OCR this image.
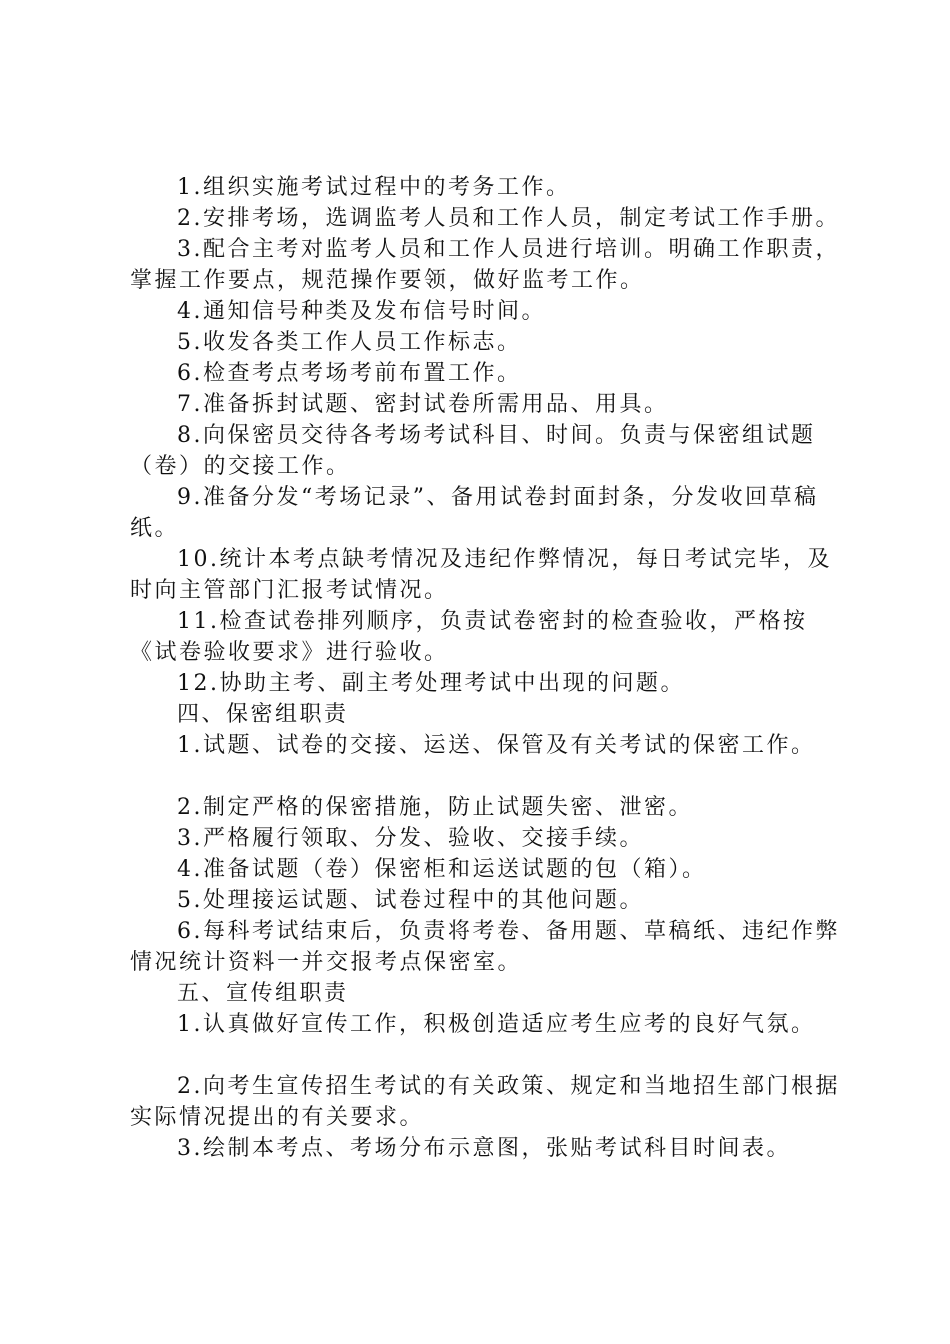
1.组织实施考试过程中的考务工作。

2.安排考场，选调监考人员和工作人员，制定考试工作手册。

3.配合主考对监考人员和工作人员进行培训。明确工作职责，掌握工作要点，规范操作要领，做好监考工作。

4.通知信号种类及发布信号时间。

5.收发各类工作人员工作标志。

6.检查考点考场考前布置工作。

7.准备拆封试题、密封试卷所需用品、用具。

8.向保密员交待各考场考试科目、时间。负责与保密组试题（卷）的交接工作。

9.准备分发“考场记录”、备用试卷封面封条，分发收回草稿纸。

10.统计本考点缺考情况及违纪作弊情况，每日考试完毕，及时向主管部门汇报考试情况。

11.检查试卷排列顺序，负责试卷密封的检查验收，严格按《试卷验收要求》进行验收。

12.协助主考、副主考处理考试中出现的问题。

四、保密组职责

1.试题、试卷的交接、运送、保管及有关考试的保密工作。

2.制定严格的保密措施，防止试题失密、泄密。

3.严格履行领取、分发、验收、交接手续。

4.准备试题（卷）保密柜和运送试题的包（箱）。

5.处理接运试题、试卷过程中的其他问题。

6.每科考试结束后，负责将考卷、备用题、草稿纸、违纪作弊情况统计资料一并交报考点保密室。

五、宣传组职责

1.认真做好宣传工作，积极创造适应考生应考的良好气氛。

2.向考生宣传招生考试的有关政策、规定和当地招生部门根据实际情况提出的有关要求。

3.绘制本考点、考场分布示意图，张贴考试科目时间表。
